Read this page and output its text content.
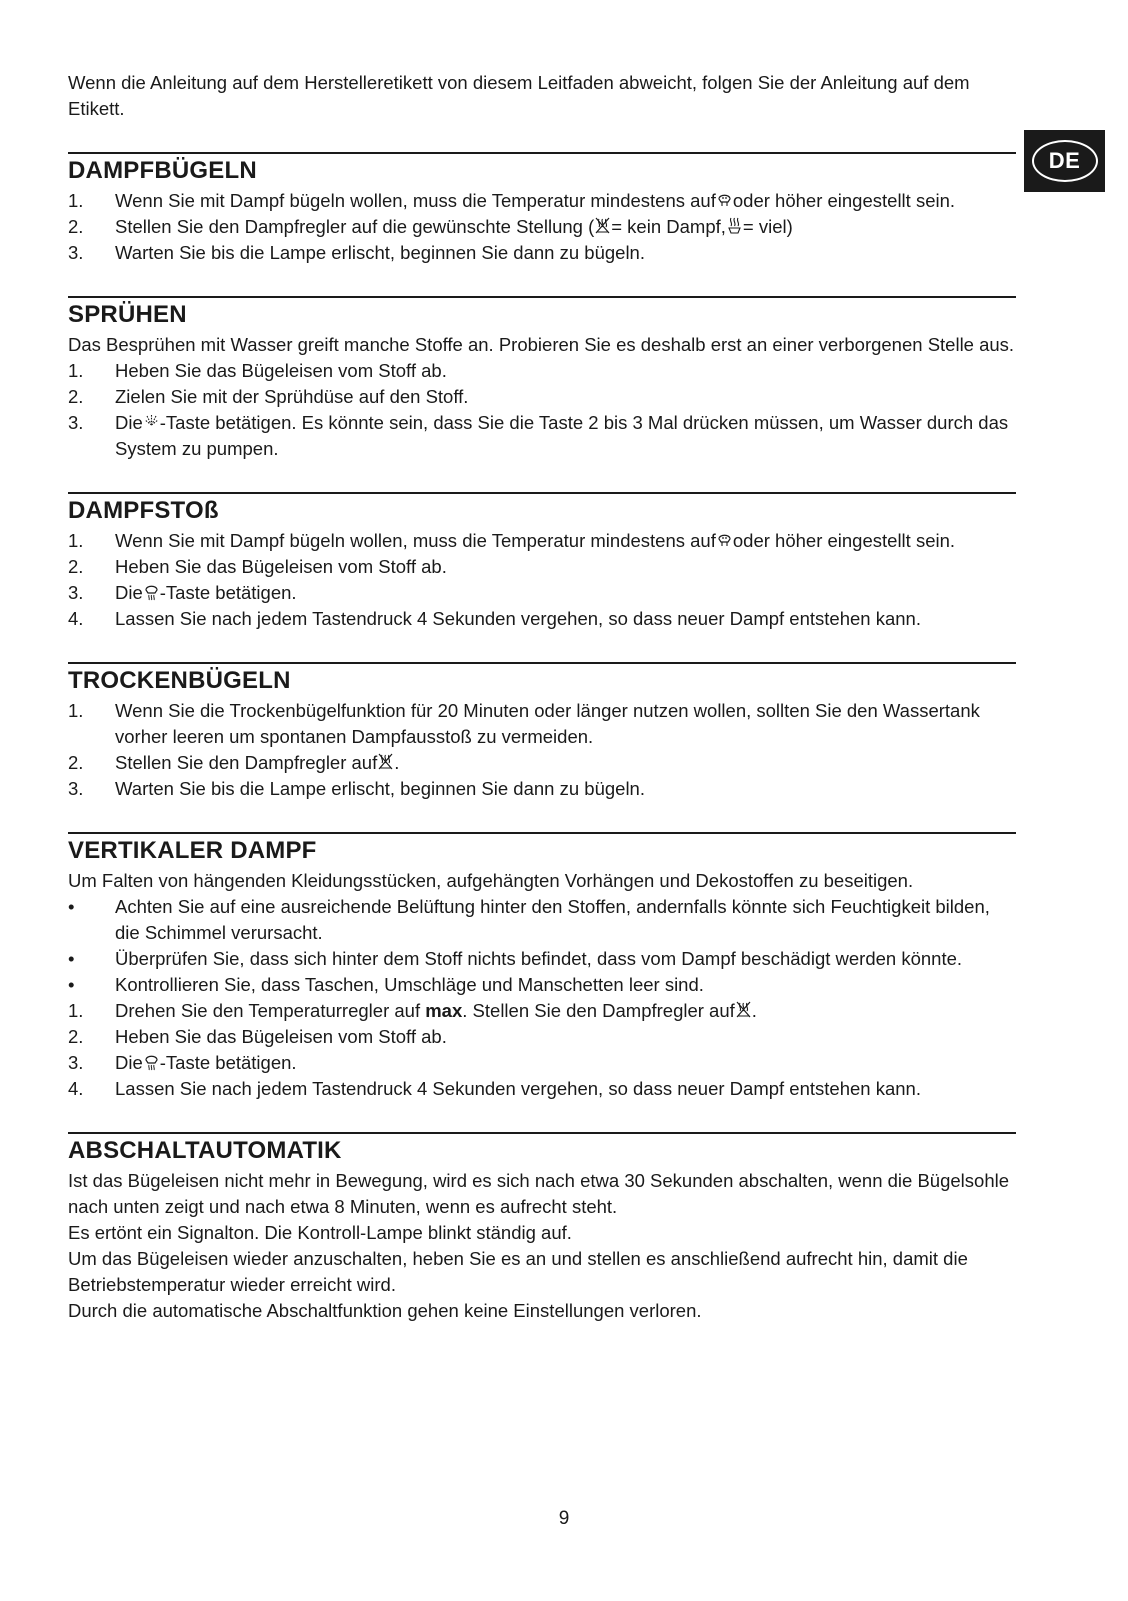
DE

Wenn die Anleitung auf dem Herstelleretikett von diesem Leitfaden abweicht, folgen Sie der Anleitung auf dem Etikett.

DAMPFBÜGELN
1.	Wenn Sie mit Dampf bügeln wollen, muss die Temperatur mindestens auf oder höher eingestellt sein.
2.	Stellen Sie den Dampfregler auf die gewünschte Stellung ( = kein Dampf, = viel)
3.	Warten Sie bis die Lampe erlischt, beginnen Sie dann zu bügeln.
SPRÜHEN

Das Besprühen mit Wasser greift manche Stoffe an. Probieren Sie es deshalb erst an einer verborgenen Stelle aus.

1.	Heben Sie das Bügeleisen vom Stoff ab.
2.	Zielen Sie mit der Sprühdüse auf den Stoff.
3.	Die -Taste betätigen. Es könnte sein, dass Sie die Taste 2 bis 3 Mal drücken müssen, um Wasser durch das System zu pumpen.
DAMPFSTOß
1.	Wenn Sie mit Dampf bügeln wollen, muss die Temperatur mindestens auf oder höher eingestellt sein.
2.	Heben Sie das Bügeleisen vom Stoff ab.
3.	Die -Taste betätigen.
4.	Lassen Sie nach jedem Tastendruck 4 Sekunden vergehen, so dass neuer Dampf entstehen kann.
TROCKENBÜGELN
1.	Wenn Sie die Trockenbügelfunktion für 20 Minuten oder länger nutzen wollen, sollten Sie den Wassertank vorher leeren um spontanen Dampfausstoß zu vermeiden.
2.	Stellen Sie den Dampfregler auf .
3.	Warten Sie bis die Lampe erlischt, beginnen Sie dann zu bügeln.
VERTIKALER DAMPF

Um Falten von hängenden Kleidungsstücken, aufgehängten Vorhängen und Dekostoffen zu beseitigen.

•	Achten Sie auf eine ausreichende Belüftung hinter den Stoffen, andernfalls könnte sich Feuchtigkeit bilden, die Schimmel verursacht.
•	Überprüfen Sie, dass sich hinter dem Stoff nichts befindet, dass vom Dampf beschädigt werden könnte.
•	Kontrollieren Sie, dass Taschen, Umschläge und Manschetten leer sind.
1.	Drehen Sie den Temperaturregler auf max. Stellen Sie den Dampfregler auf .
2.	Heben Sie das Bügeleisen vom Stoff ab.
3.	Die -Taste betätigen.
4.	Lassen Sie nach jedem Tastendruck 4 Sekunden vergehen, so dass neuer Dampf entstehen kann.
ABSCHALTAUTOMATIK

Ist das Bügeleisen nicht mehr in Bewegung, wird es sich nach etwa 30 Sekunden abschalten, wenn die Bügelsohle nach unten zeigt und nach etwa 8 Minuten, wenn es aufrecht steht.

Es ertönt ein Signalton. Die Kontroll-Lampe blinkt ständig auf.

Um das Bügeleisen wieder anzuschalten, heben Sie es an und stellen es anschließend aufrecht hin, damit die Betriebstemperatur wieder erreicht wird.

Durch die automatische Abschaltfunktion gehen keine Einstellungen verloren.

9
